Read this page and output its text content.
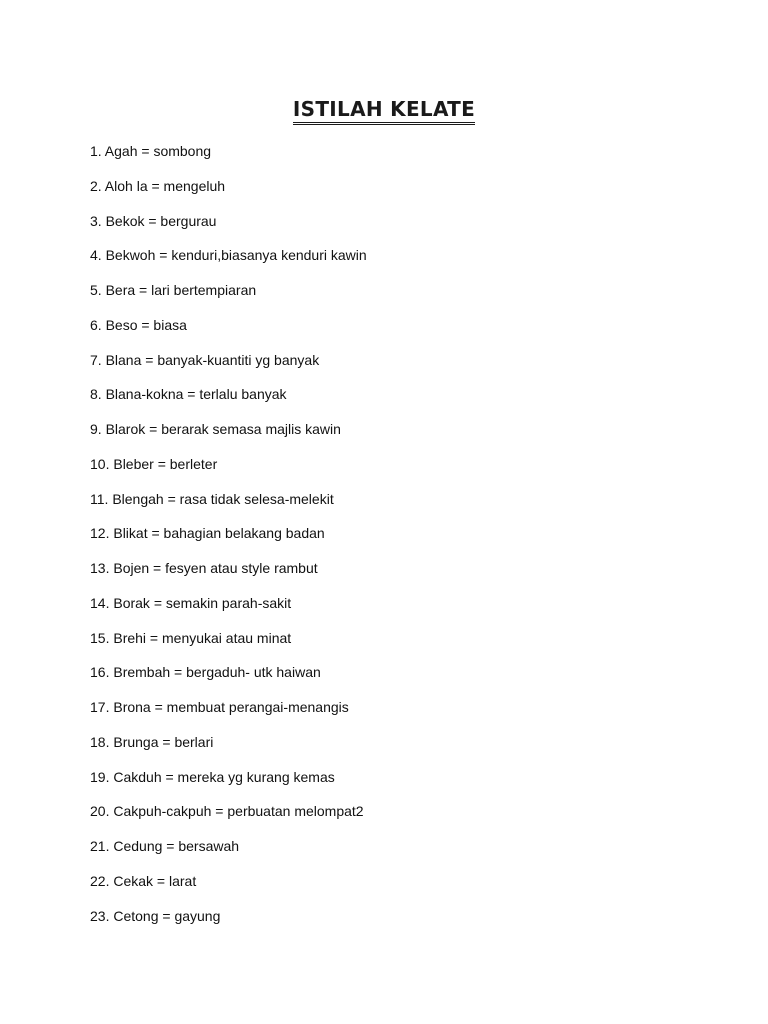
ISTILAH KELATE
1. Agah = sombong
2. Aloh la = mengeluh
3. Bekok = bergurau
4. Bekwoh = kenduri,biasanya kenduri kawin
5. Bera = lari bertempiaran
6. Beso = biasa
7. Blana = banyak-kuantiti yg banyak
8. Blana-kokna = terlalu banyak
9. Blarok = berarak semasa majlis kawin
10. Bleber = berleter
11. Blengah = rasa tidak selesa-melekit
12. Blikat = bahagian belakang badan
13. Bojen = fesyen atau style rambut
14. Borak = semakin parah-sakit
15. Brehi = menyukai atau minat
16. Brembah = bergaduh- utk haiwan
17. Brona = membuat perangai-menangis
18. Brunga = berlari
19. Cakduh = mereka yg kurang kemas
20. Cakpuh-cakpuh = perbuatan melompat2
21. Cedung = bersawah
22. Cekak = larat
23. Cetong = gayung
